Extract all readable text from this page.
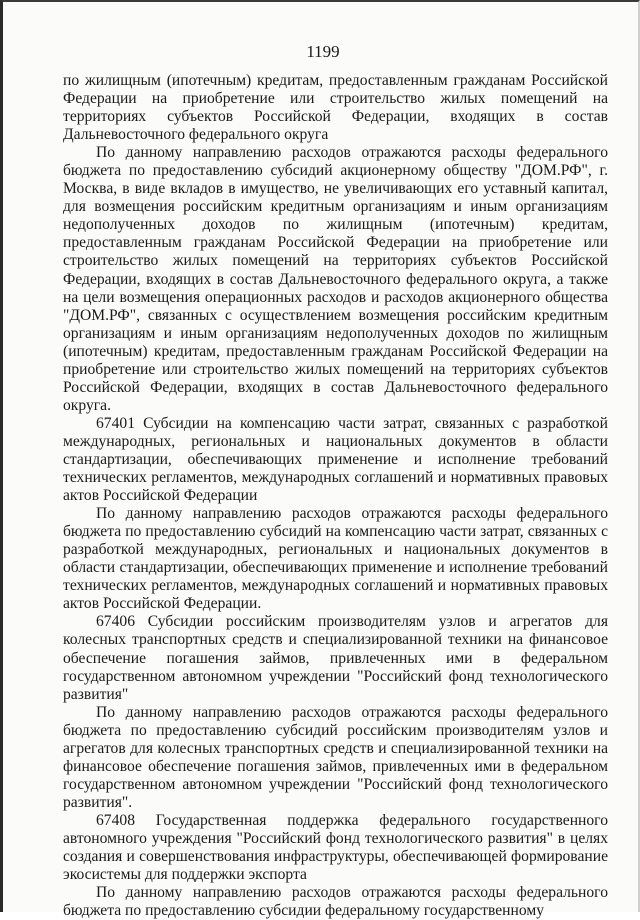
1199

по жилищным (ипотечным) кредитам, предоставленным гражданам Российской Федерации на приобретение или строительство жилых помещений на территориях субъектов Российской Федерации, входящих в состав Дальневосточного федерального округа

По данному направлению расходов отражаются расходы федерального бюджета по предоставлению субсидий акционерному обществу "ДОМ.РФ", г. Москва, в виде вкладов в имущество, не увеличивающих его уставный капитал, для возмещения российским кредитным организациям и иным организациям недополученных доходов по жилищным (ипотечным) кредитам, предоставленным гражданам Российской Федерации на приобретение или строительство жилых помещений на территориях субъектов Российской Федерации, входящих в состав Дальневосточного федерального округа, а также на цели возмещения операционных расходов и расходов акционерного общества "ДОМ.РФ", связанных с осуществлением возмещения российским кредитным организациям и иным организациям недополученных доходов по жилищным (ипотечным) кредитам, предоставленным гражданам Российской Федерации на приобретение или строительство жилых помещений на территориях субъектов Российской Федерации, входящих в состав Дальневосточного федерального округа.

67401 Субсидии на компенсацию части затрат, связанных с разработкой международных, региональных и национальных документов в области стандартизации, обеспечивающих применение и исполнение требований технических регламентов, международных соглашений и нормативных правовых актов Российской Федерации

По данному направлению расходов отражаются расходы федерального бюджета по предоставлению субсидий на компенсацию части затрат, связанных с разработкой международных, региональных и национальных документов в области стандартизации, обеспечивающих применение и исполнение требований технических регламентов, международных соглашений и нормативных правовых актов Российской Федерации.

67406 Субсидии российским производителям узлов и агрегатов для колесных транспортных средств и специализированной техники на финансовое обеспечение погашения займов, привлеченных ими в федеральном государственном автономном учреждении "Российский фонд технологического развития"

По данному направлению расходов отражаются расходы федерального бюджета по предоставлению субсидий российским производителям узлов и агрегатов для колесных транспортных средств и специализированной техники на финансовое обеспечение погашения займов, привлеченных ими в федеральном государственном автономном учреждении "Российский фонд технологического развития".

67408 Государственная поддержка федерального государственного автономного учреждения "Российский фонд технологического развития" в целях создания и совершенствования инфраструктуры, обеспечивающей формирование экосистемы для поддержки экспорта

По данному направлению расходов отражаются расходы федерального бюджета по предоставлению субсидии федеральному государственному
